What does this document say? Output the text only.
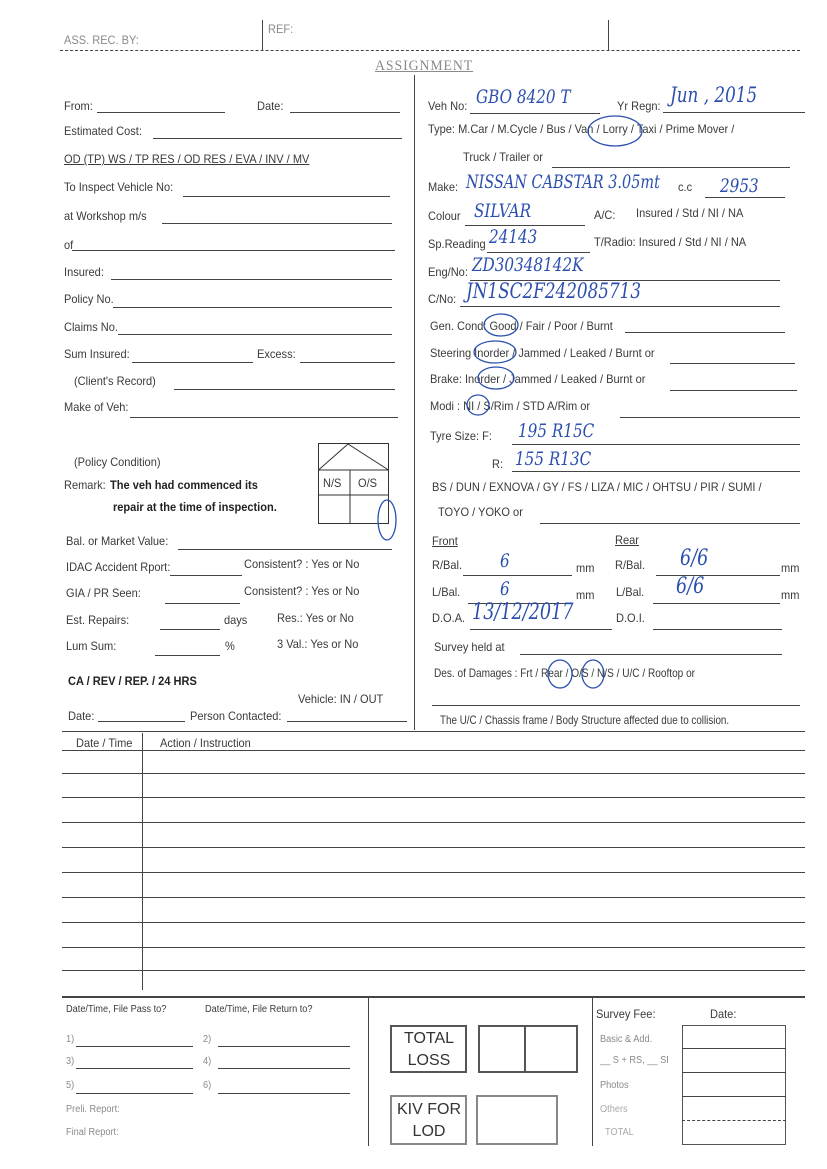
ASS. REC. BY:
REF:
ASSIGNMENT
From:	Date:
Estimated Cost:
OD (TP) WS / TP RES / OD RES / EVA / INV / MV
To Inspect Vehicle No:
at Workshop m/s
of
Insured:
Policy No.
Claims No.
Sum Insured:	Excess:
(Client's Record)
Make of Veh:
(Policy Condition)
Remark: The veh had commenced its
repair at the time of inspection.
N/S O/S
Bal. or Market Value:
IDAC Accident Rport:	Consistent? : Yes or No
GIA / PR Seen:	Consistent? : Yes or No
Est. Repairs:	days Res.: Yes or No
Lum Sum:	%	3 Val.: Yes or No
CA / REV / REP. / 24 HRS
Vehicle: IN / OUT
Date:	Person Contacted:
Veh No: GBO 8420 T	Yr Regn: Jun , 2015
Type: M.Car / M.Cycle / Bus / Van / Lorry / Taxi / Prime Mover /
Truck / Trailer or
Make: NISSAN CABSTAR 3.05mt c.c 2953
Colour SILVAR	A/C: Insured / Std / NI / NA
Sp.Reading 24143	T/Radio: Insured / Std / NI / NA
Eng/No: ZD30348142K
C/No: JN1SC2F242085713
Gen. Cond: Good / Fair / Poor / Burnt
Steering Inorder / Jammed / Leaked / Burnt or
Brake: Inorder / Jammed / Leaked / Burnt or
Modi : NI / S/Rim / STD A/Rim or
Tyre Size: F: 195 R15C
R: 155 R13C
BS / DUN / EXNOVA / GY / FS / LIZA / MIC / OHTSU / PIR / SUMI /
TOYO / YOKO or
Front	Rear
R/Bal. 6	mm R/Bal. 6/6	mm
L/Bal. 6	mm L/Bal. 6/6	mm
D.O.A. 13/12/2017	D.O.I.
Survey held at
Des. of Damages : Frt / Rear / O/S / N/S / U/C / Rooftop or
The U/C / Chassis frame / Body Structure affected due to collision.
Date / Time Action / Instruction
Date/Time, File Pass to?	Date/Time, File Return to?
1)	2)
3)	4)
5)	6)
Preli. Report:
Final Report:
TOTAL LOSS
KIV FOR LOD
Survey Fee:	Date:
Basic & Add.
__ S + RS, __ SI
Photos
Others
TOTAL
